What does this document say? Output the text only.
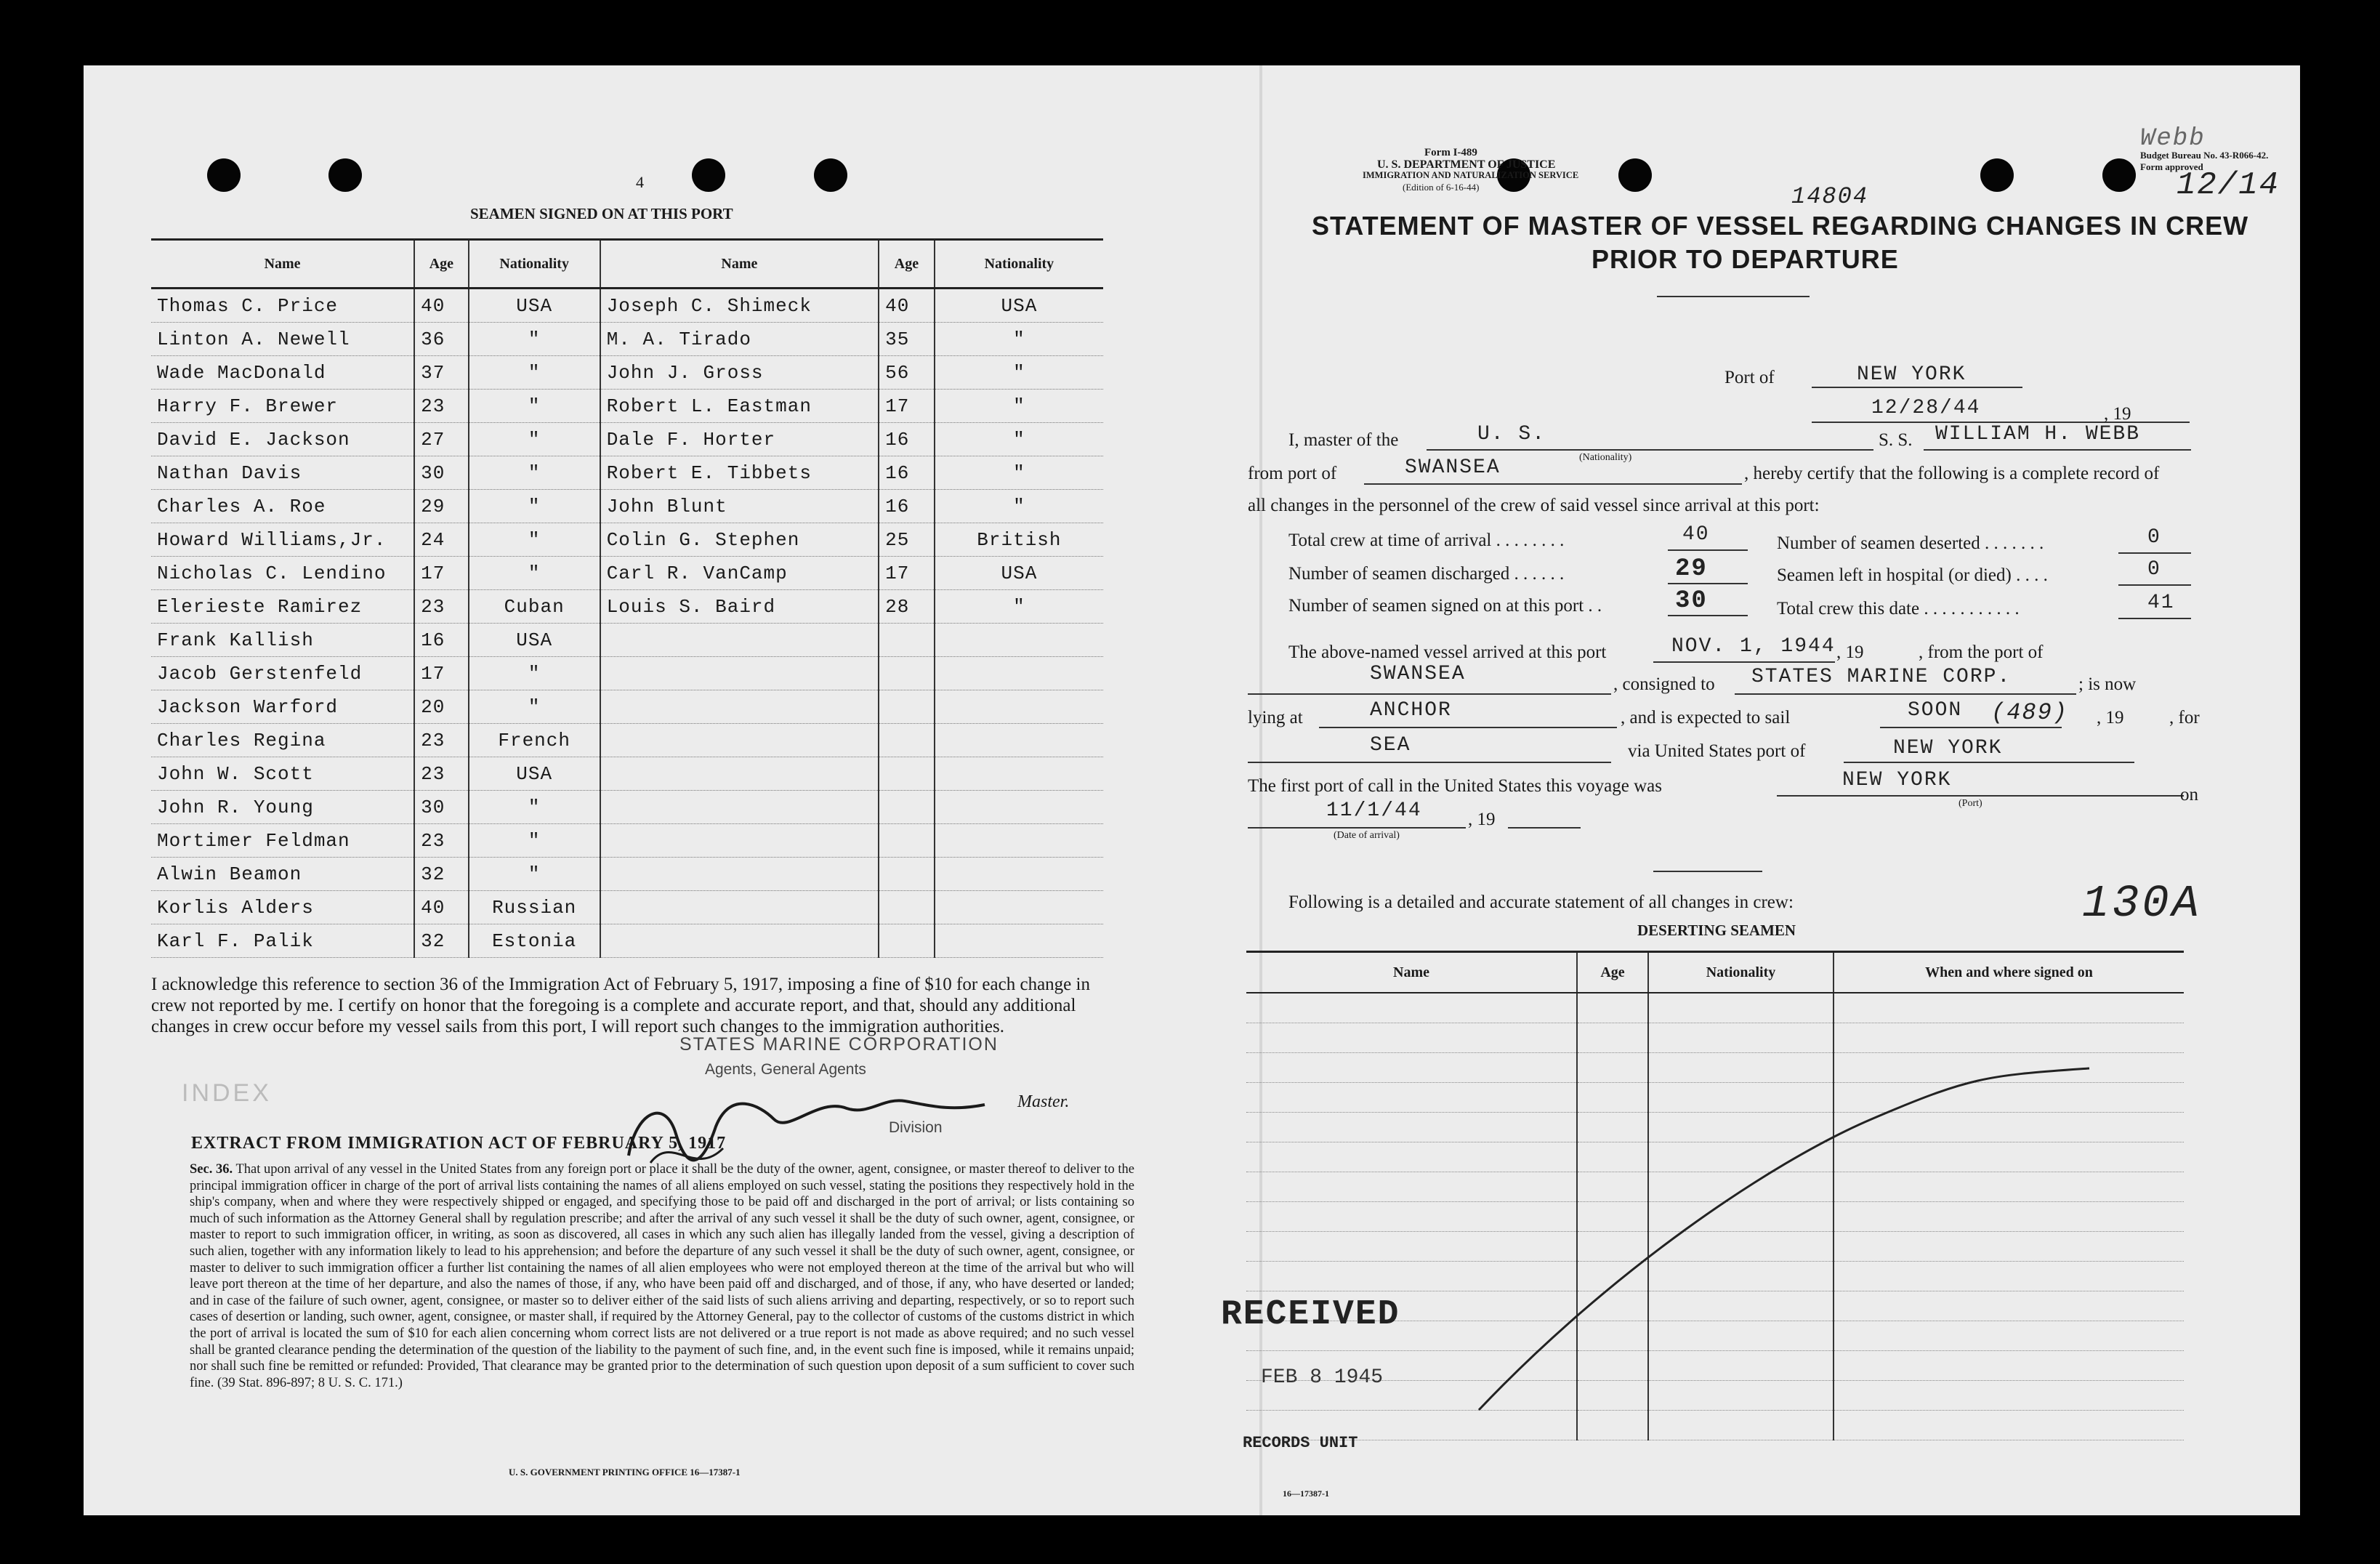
4
SEAMEN SIGNED ON AT THIS PORT
Name	Age	Nationality	Name	Age	Nationality
Thomas C. Price	40	USA	Joseph C. Shimeck	40	USA
Linton A. Newell	36	"	M. A. Tirado	35	"
Wade MacDonald	37	"	John J. Gross	56	"
Harry F. Brewer	23	"	Robert L. Eastman	17	"
David E. Jackson	27	"	Dale F. Horter	16	"
Nathan Davis	30	"	Robert E. Tibbets	16	"
Charles A. Roe	29	"	John Blunt	16	"
Howard Williams,Jr.	24	"	Colin G. Stephen	25	British
Nicholas C. Lendino	17	"	Carl R. VanCamp	17	USA
Eleriestе Ramirez	23	Cuban	Louis S. Baird	28	"
Frank Kallish	16	USA			
Jacob Gerstenfeld	17	"			
Jackson Warford	20	"			
Charles Regina	23	French			
John W. Scott	23	USA			
John R. Young	30	"			
Mortimer Feldman	23	"			
Alwin Beamon	32	"			
Korlis Alders	40	Russian			
Karl F. Palik	32	Estonia			
I acknowledge this reference to section 36 of the Immigration Act of February 5, 1917, imposing a fine of $10 for each change in crew not reported by me. I certify on honor that the foregoing is a complete and accurate report, and that, should any additional changes in crew occur before my vessel sails from this port, I will report such changes to the immigration authorities.
STATES MARINE CORPORATION
Agents, General Agents
Division
Master.
INDEX
EXTRACT FROM IMMIGRATION ACT OF FEBRUARY 5, 1917
Sec. 36. That upon arrival of any vessel in the United States from any foreign port or place it shall be the duty of the owner, agent, consignee, or master thereof to deliver to the principal immigration officer in charge of the port of arrival lists containing the names of all aliens employed on such vessel, stating the positions they respectively hold in the ship's company, when and where they were respectively shipped or engaged, and specifying those to be paid off and discharged in the port of arrival; or lists containing so much of such information as the Attorney General shall by regulation prescribe; and after the arrival of any such vessel it shall be the duty of such owner, agent, consignee, or master to report to such immigration officer, in writing, as soon as discovered, all cases in which any such alien has illegally landed from the vessel, giving a description of such alien, together with any information likely to lead to his apprehension; and before the departure of any such vessel it shall be the duty of such owner, agent, consignee, or master to deliver to such immigration officer a further list containing the names of all alien employees who were not employed thereon at the time of the arrival but who will leave port thereon at the time of her departure, and also the names of those, if any, who have been paid off and discharged, and of those, if any, who have deserted or landed; and in case of the failure of such owner, agent, consignee, or master so to deliver either of the said lists of such aliens arriving and departing, respectively, or so to report such cases of desertion or landing, such owner, agent, consignee, or master shall, if required by the Attorney General, pay to the collector of customs of the customs district in which the port of arrival is located the sum of $10 for each alien concerning whom correct lists are not delivered or a true report is not made as above required; and no such vessel shall be granted clearance pending the determination of the question of the liability to the payment of such fine, and, in the event such fine is imposed, while it remains unpaid; nor shall such fine be remitted or refunded: Provided, That clearance may be granted prior to the determination of such question upon deposit of a sum sufficient to cover such fine. (39 Stat. 896-897; 8 U. S. C. 171.)
U. S. GOVERNMENT PRINTING OFFICE 16—17387-1
Form I-489
U. S. DEPARTMENT OF JUSTICE
IMMIGRATION AND NATURALIZATION SERVICE
(Edition of 6-16-44)
Budget Bureau No. 43-R066-42.
Form approved
Webb
14804	12/14
STATEMENT OF MASTER OF VESSEL REGARDING CHANGES IN CREW
PRIOR TO DEPARTURE
Port of	NEW YORK
12/28/44	, 19
I, master of the	U. S.	S. S. WILLIAM H. WEBB
from port of	SWANSEA	(Nationality)
, hereby certify that the following is a complete record of
all changes in the personnel of the crew of said vessel since arrival at this port:
Total crew at time of arrival . . . . . . . .	40	Number of seamen deserted . . . . . . .	0
Number of seamen discharged . . . . . .	29	Seamen left in hospital (or died) . . . .	0
Number of seamen signed on at this port . .	30	Total crew this date . . . . . . . . . . .	41
The above-named vessel arrived at this port	NOV. 1, 1944 , 19	, from the port of
SWANSEA	, consigned to STATES MARINE CORP.	; is now
lying at	ANCHOR	, and is expected to sail	SOON (489) , 19	, for
SEA	via United States port of	NEW YORK
The first port of call in the United States this voyage was	NEW YORK
(Port)	on
11/1/44	, 19
(Date of arrival)
Following is a detailed and accurate statement of all changes in crew:	130A
DESERTING SEAMEN
Name	Age	Nationality	When and where signed on

RECEIVED
FEB 8 1945
RECORDS UNIT
16—17387-1
